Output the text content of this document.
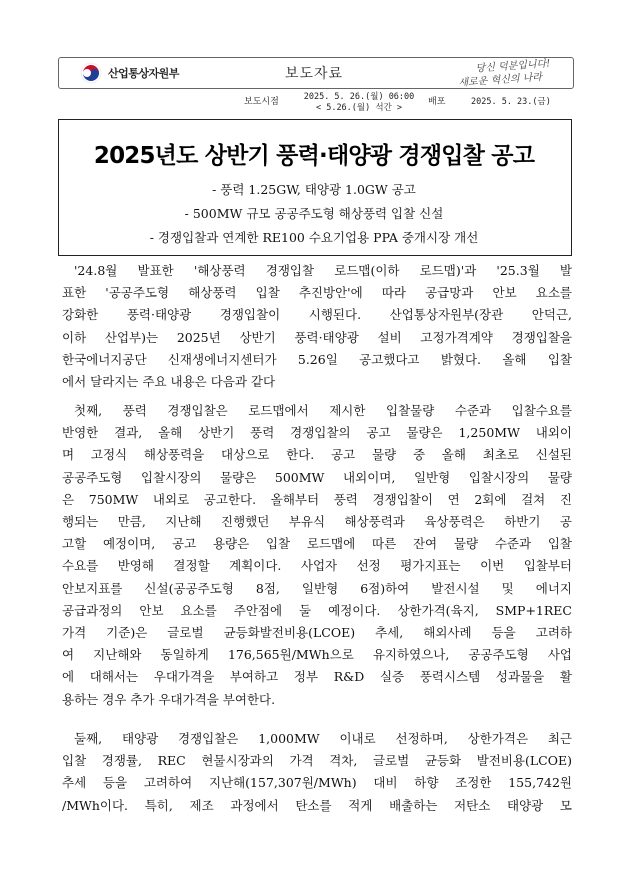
산업통상자원부	보도자료	당신 덕분입니다!
새로운 혁신의 나라
보도시점	2025. 5. 26.(월) 06:00
< 5.26.(월) 석간 >
배포	2025. 5. 23.(금)
2025년도 상반기 풍력·태양광 경쟁입찰 공고
- 풍력 1.25GW, 태양광 1.0GW 공고
- 500MW 규모 공공주도형 해상풍력 입찰 신설
- 경쟁입찰과 연계한 RE100 수요기업용 PPA 중개시장 개선
'24.8월 발표한 '해상풍력 경쟁입찰 로드맵(이하 로드맵)'과 '25.3월 발
표한 '공공주도형 해상풍력 입찰 추진방안'에 따라 공급망과 안보 요소를
강화한 풍력·태양광 경쟁입찰이 시행된다. 산업통상자원부(장관 안덕근,
이하 산업부)는 2025년 상반기 풍력·태양광 설비 고정가격계약 경쟁입찰을
한국에너지공단 신재생에너지센터가 5.26일 공고했다고 밝혔다. 올해 입찰
에서 달라지는 주요 내용은 다음과 같다
첫째, 풍력 경쟁입찰은 로드맵에서 제시한 입찰물량 수준과 입찰수요를
반영한 결과, 올해 상반기 풍력 경쟁입찰의 공고 물량은 1,250MW 내외이
며 고정식 해상풍력을 대상으로 한다. 공고 물량 중 올해 최초로 신설된
공공주도형 입찰시장의 물량은 500MW 내외이며, 일반형 입찰시장의 물량
은 750MW 내외로 공고한다. 올해부터 풍력 경쟁입찰이 연 2회에 걸쳐 진
행되는 만큼, 지난해 진행했던 부유식 해상풍력과 육상풍력은 하반기 공
고할 예정이며, 공고 용량은 입찰 로드맵에 따른 잔여 물량 수준과 입찰
수요를 반영해 결정할 계획이다. 사업자 선정 평가지표는 이번 입찰부터
안보지표를 신설(공공주도형 8점, 일반형 6점)하여 발전시설 및 에너지
공급과정의 안보 요소를 주안점에 둘 예정이다. 상한가격(육지, SMP+1REC
가격 기준)은 글로벌 균등화발전비용(LCOE) 추세, 해외사례 등을 고려하
여 지난해와 동일하게 176,565원/MWh으로 유지하였으나, 공공주도형 사업
에 대해서는 우대가격을 부여하고 정부 R&D 실증 풍력시스템 성과물을 활
용하는 경우 추가 우대가격을 부여한다.
둘째, 태양광 경쟁입찰은 1,000MW 이내로 선정하며, 상한가격은 최근
입찰 경쟁률, REC 현물시장과의 가격 격차, 글로벌 균등화 발전비용(LCOE)
추세 등을 고려하여 지난해(157,307원/MWh) 대비 하향 조정한 155,742원
/MWh이다. 특히, 제조 과정에서 탄소를 적게 배출하는 저탄소 태양광 모
